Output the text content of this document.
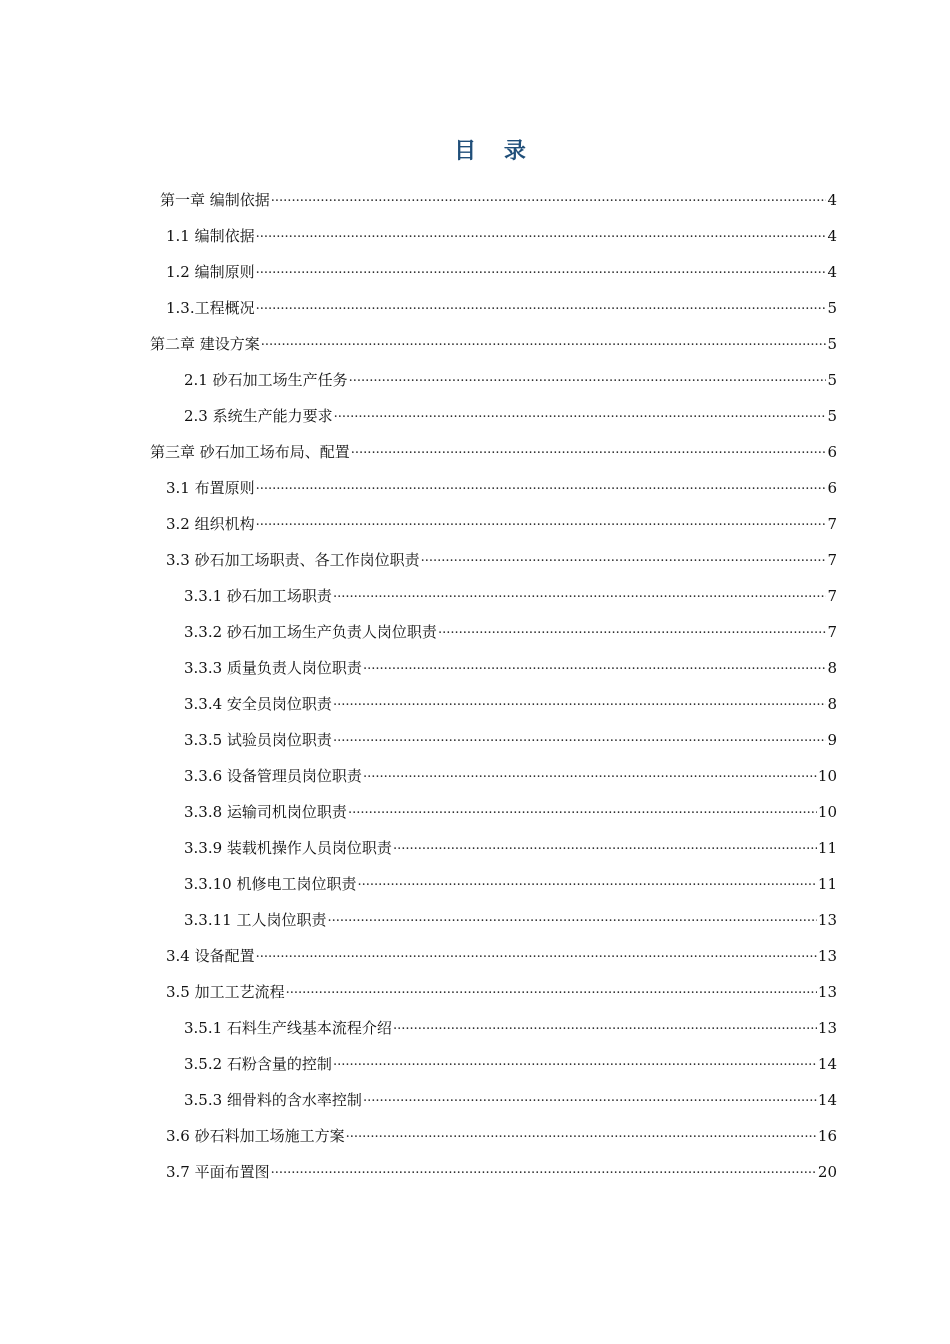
目 录
第一章 编制依据 .....	4
1.1 编制依据 .....	4
1.2 编制原则 .....	4
1.3.工程概况 .....	5
第二章 建设方案 .....	5
2.1 砂石加工场生产任务 .....	5
2.3 系统生产能力要求 .....	5
第三章 砂石加工场布局、配置 .....	6
3.1 布置原则 .....	6
3.2 组织机构 .....	7
3.3 砂石加工场职责、各工作岗位职责 .....	7
3.3.1 砂石加工场职责 .....	7
3.3.2 砂石加工场生产负责人岗位职责 .....	7
3.3.3 质量负责人岗位职责 .....	8
3.3.4 安全员岗位职责 .....	8
3.3.5 试验员岗位职责 .....	9
3.3.6 设备管理员岗位职责 .....	10
3.3.8 运输司机岗位职责 .....	10
3.3.9 装载机操作人员岗位职责 .....	11
3.3.10 机修电工岗位职责 .....	11
3.3.11 工人岗位职责 .....	13
3.4 设备配置 .....	13
3.5 加工工艺流程 .....	13
3.5.1 石料生产线基本流程介绍 .....	13
3.5.2 石粉含量的控制 .....	14
3.5.3 细骨料的含水率控制 .....	14
3.6 砂石料加工场施工方案 .....	16
3.7 平面布置图 .....	20
